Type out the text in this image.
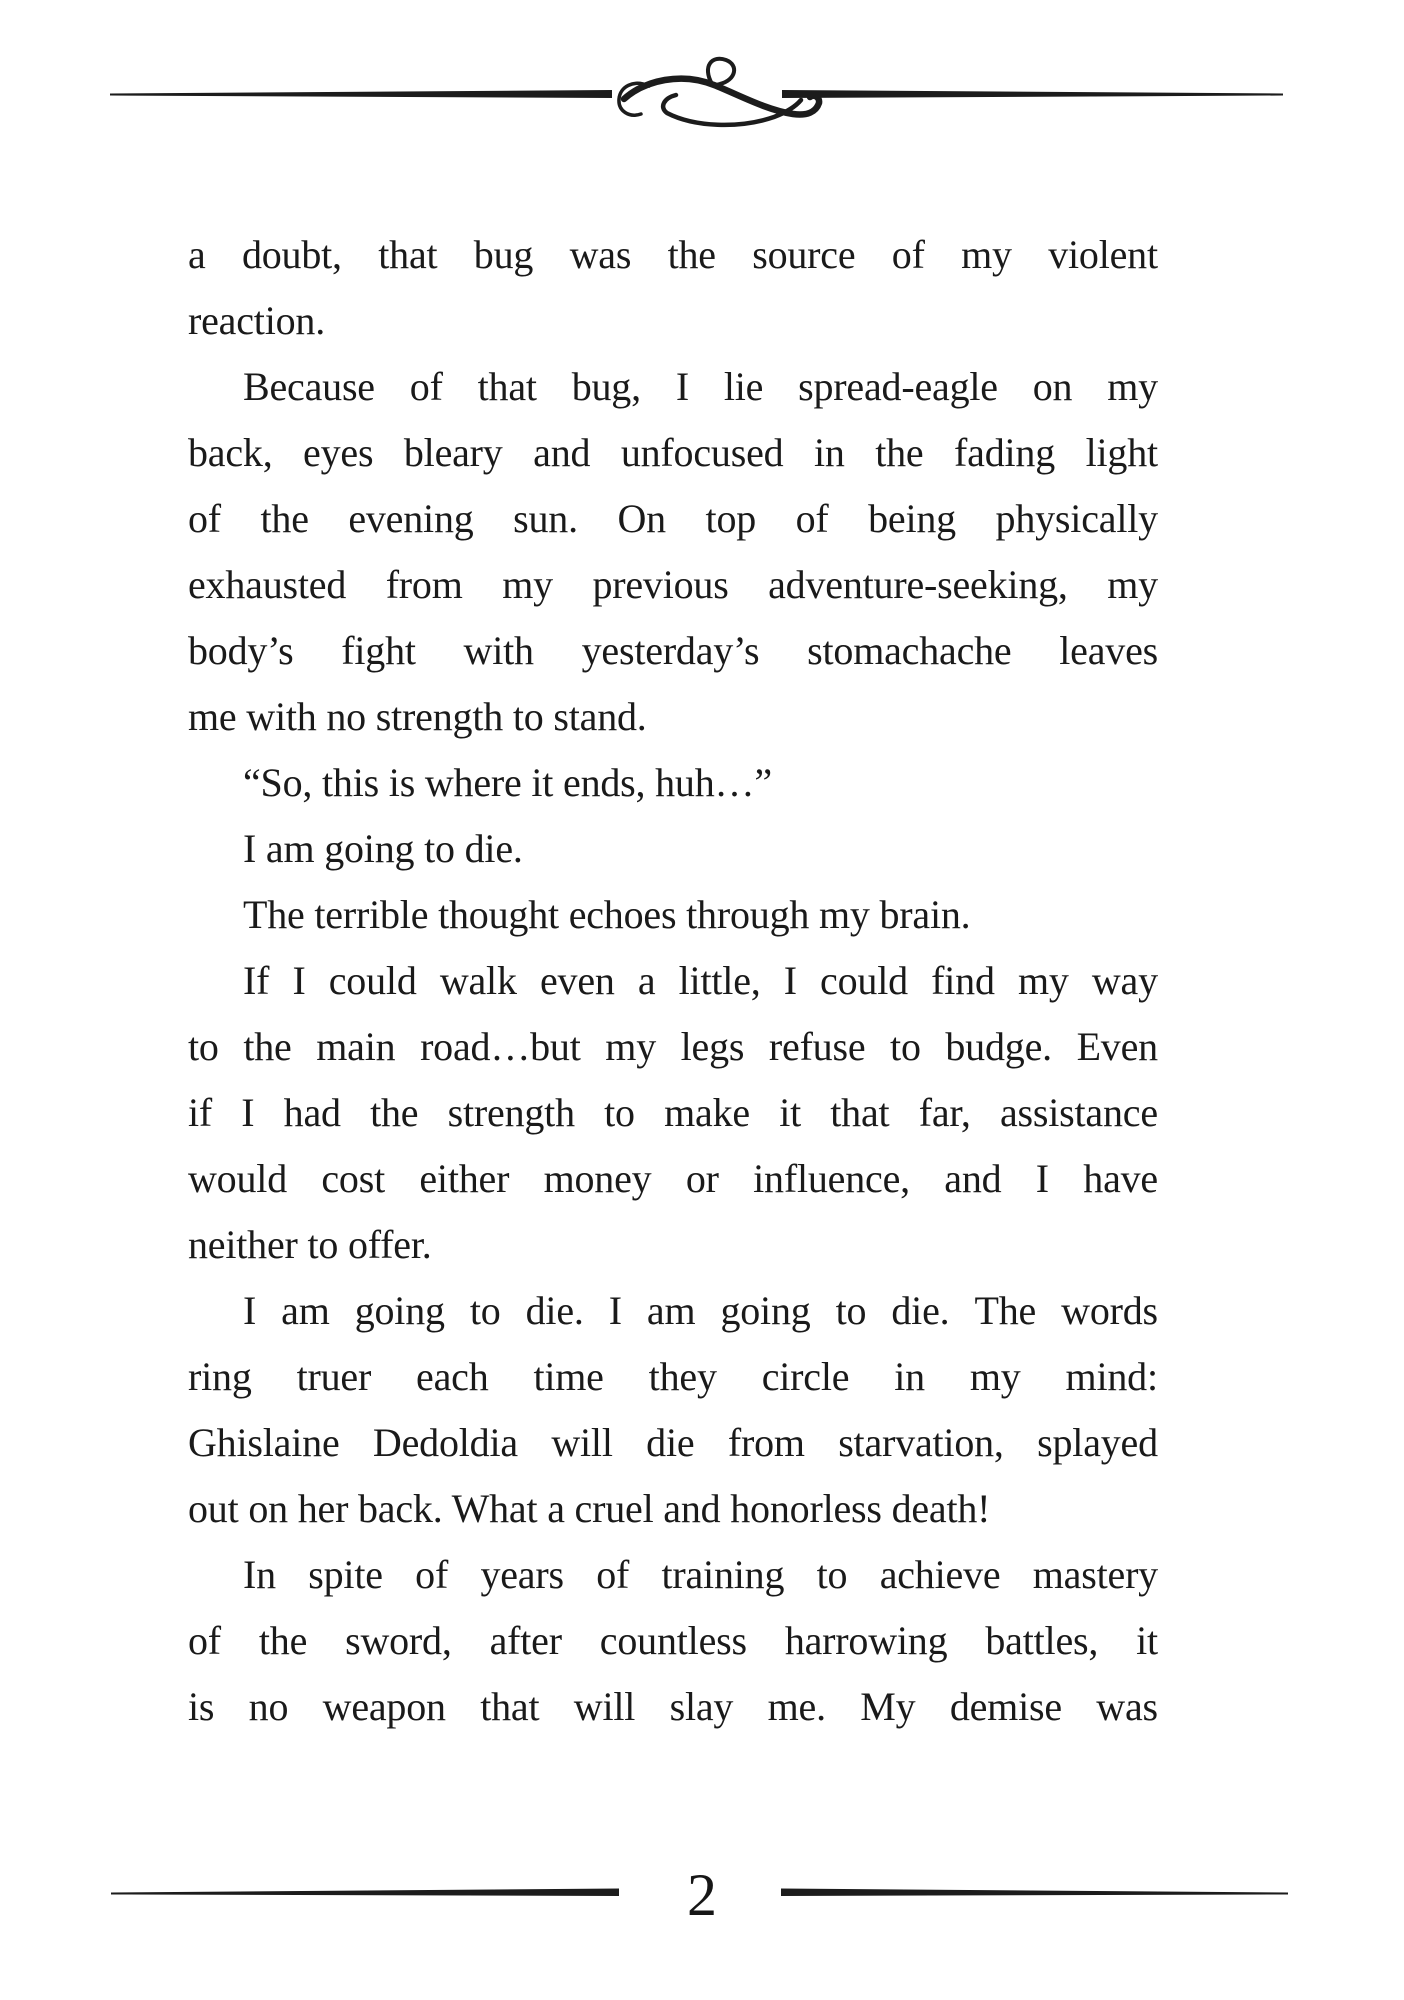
a doubt, that bug was the source of my violent
reaction.
Because of that bug, I lie spread-eagle on my
back, eyes bleary and unfocused in the fading light
of the evening sun. On top of being physically
exhausted from my previous adventure-seeking, my
body’s fight with yesterday’s stomachache leaves
me with no strength to stand.
“So, this is where it ends, huh…”
I am going to die.
The terrible thought echoes through my brain.
If I could walk even a little, I could find my way
to the main road…but my legs refuse to budge. Even
if I had the strength to make it that far, assistance
would cost either money or influence, and I have
neither to offer.
I am going to die. I am going to die. The words
ring truer each time they circle in my mind:
Ghislaine Dedoldia will die from starvation, splayed
out on her back. What a cruel and honorless death!
In spite of years of training to achieve mastery
of the sword, after countless harrowing battles, it
is no weapon that will slay me. My demise was
2
